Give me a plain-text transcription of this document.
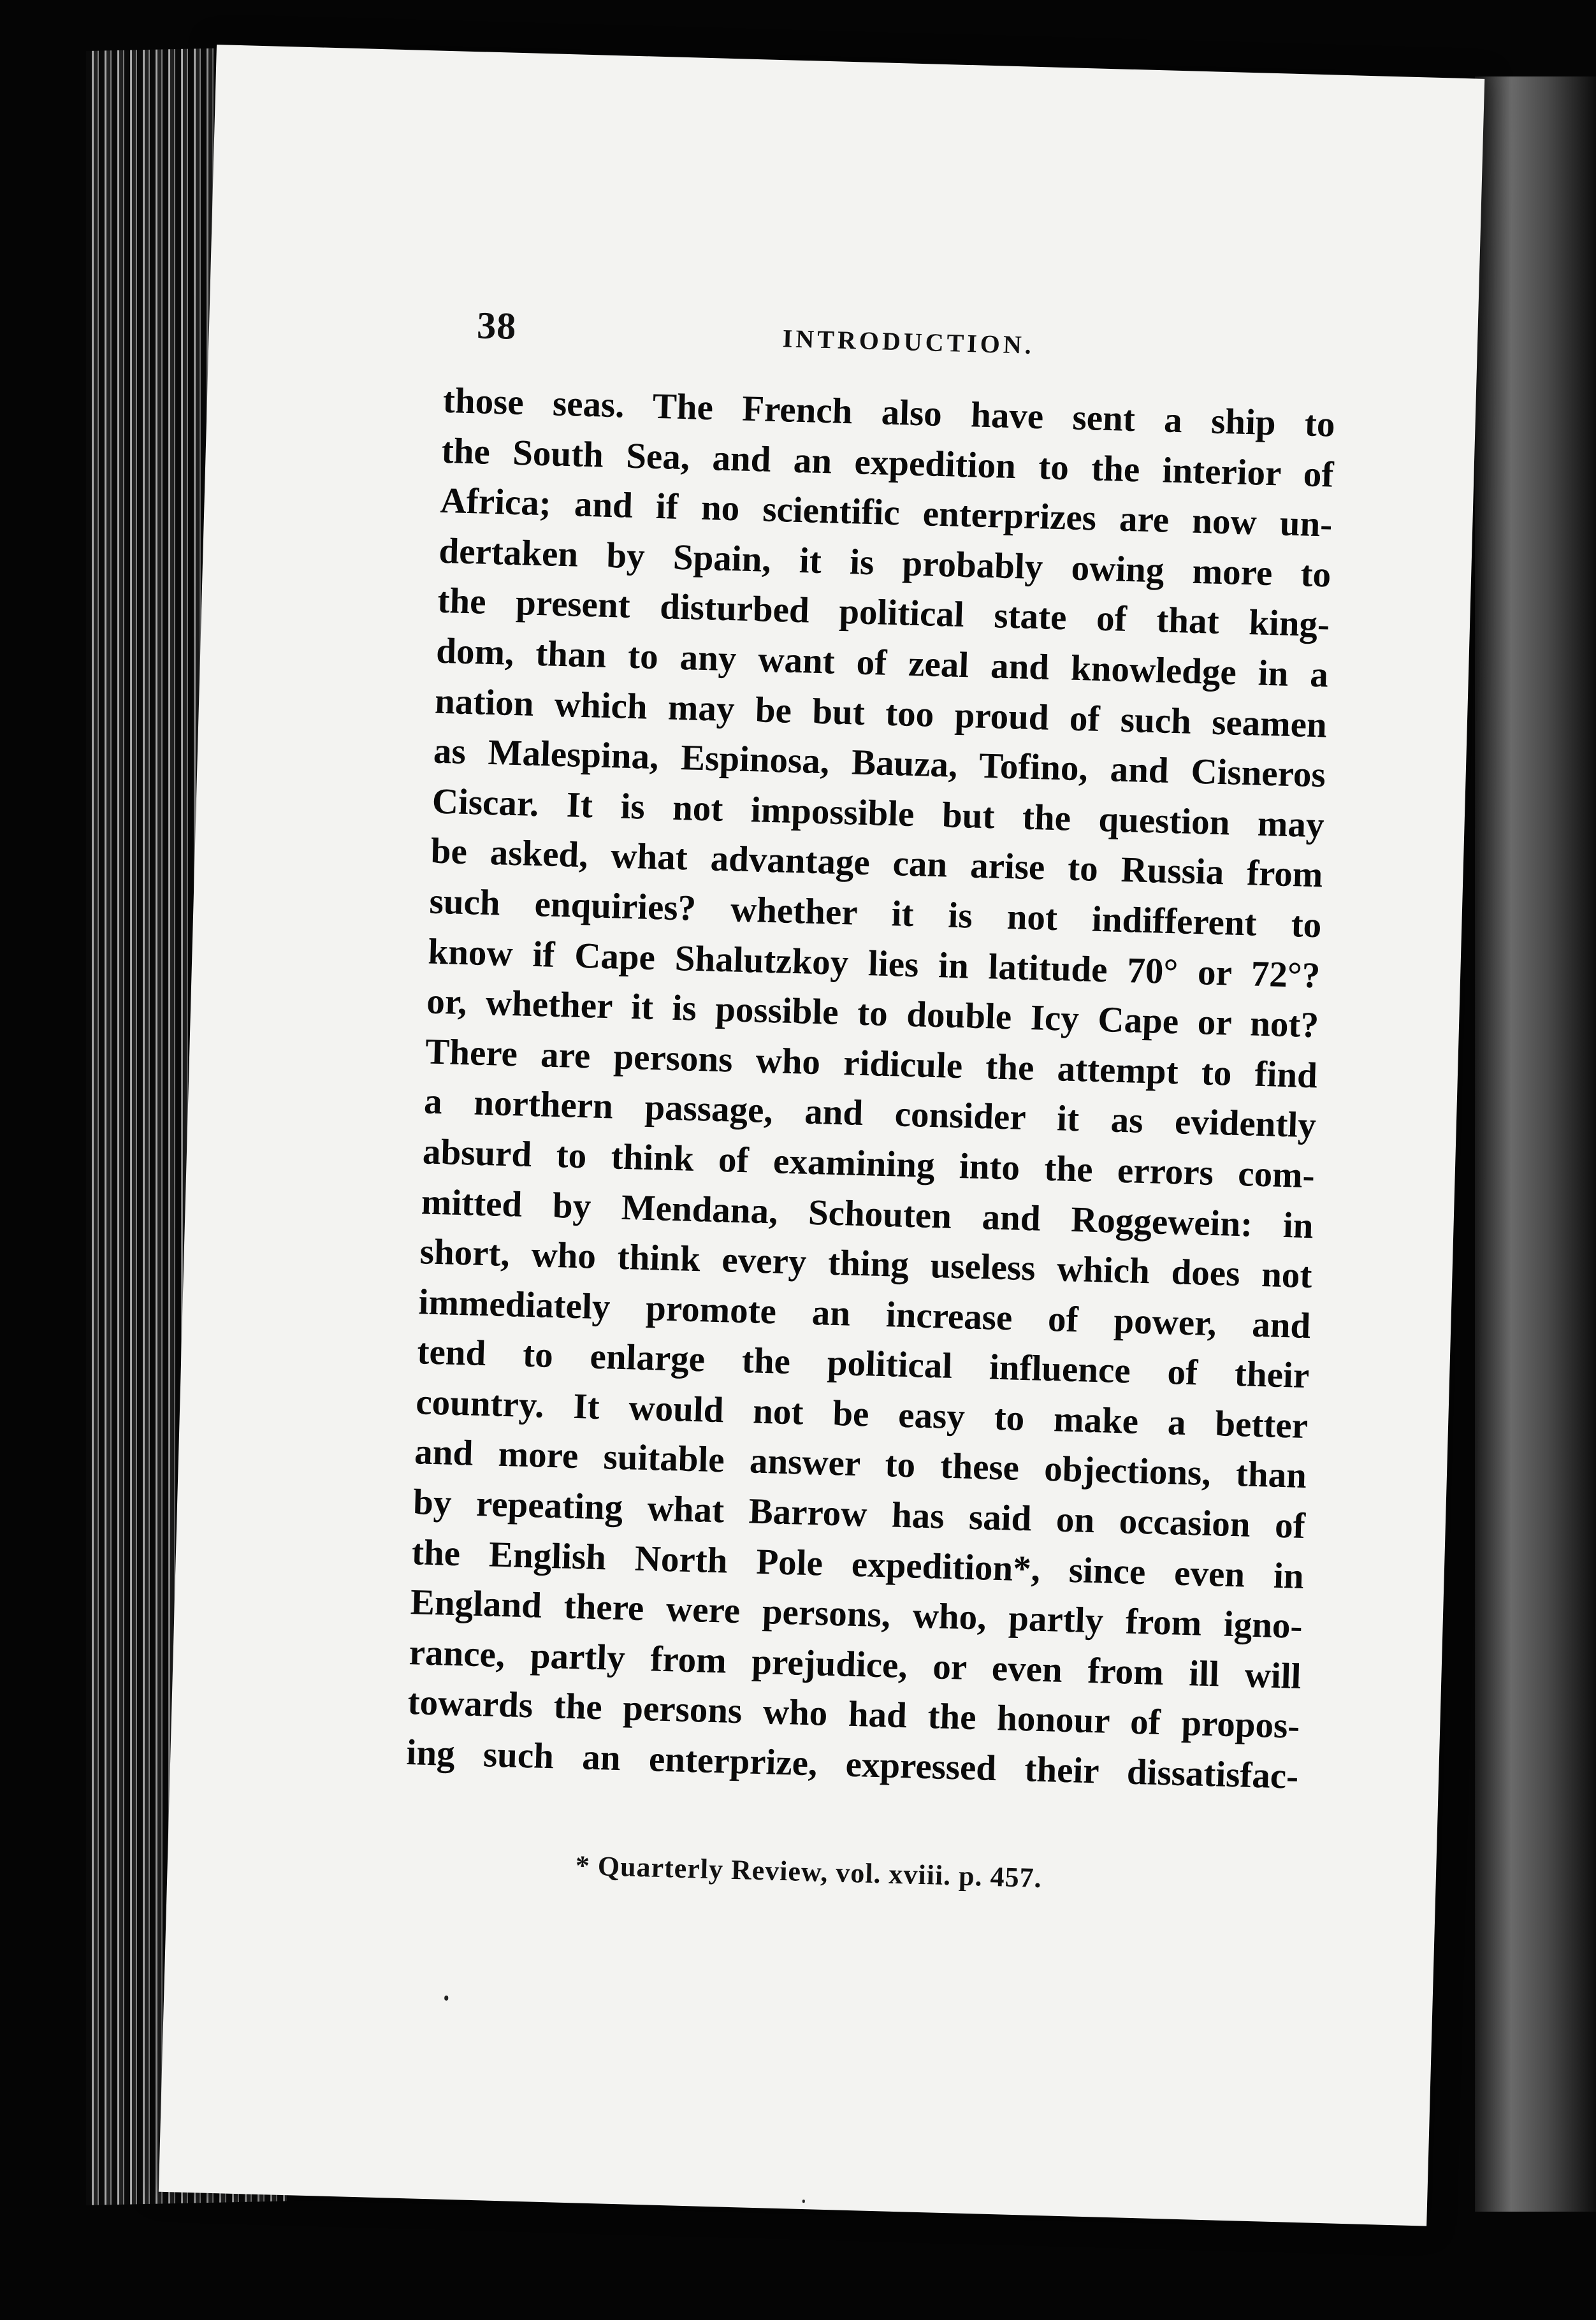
38	INTRODUCTION.
those seas. The French also have sent a ship to
the South Sea, and an expedition to the interior of
Africa; and if no scientific enterprizes are now un-
dertaken by Spain, it is probably owing more to
the present disturbed political state of that king-
dom, than to any want of zeal and knowledge in a
nation which may be but too proud of such seamen
as Malespina, Espinosa, Bauza, Tofino, and Cisneros
Ciscar. It is not impossible but the question may
be asked, what advantage can arise to Russia from
such enquiries? whether it is not indifferent to
know if Cape Shalutzkoy lies in latitude 70° or 72°?
or, whether it is possible to double Icy Cape or not?
There are persons who ridicule the attempt to find
a northern passage, and consider it as evidently
absurd to think of examining into the errors com-
mitted by Mendana, Schouten and Roggewein: in
short, who think every thing useless which does not
immediately promote an increase of power, and
tend to enlarge the political influence of their
country. It would not be easy to make a better
and more suitable answer to these objections, than
by repeating what Barrow has said on occasion of
the English North Pole expedition*, since even in
England there were persons, who, partly from igno-
rance, partly from prejudice, or even from ill will
towards the persons who had the honour of propos-
ing such an enterprize, expressed their dissatisfac-
* Quarterly Review, vol. xviii. p. 457.
